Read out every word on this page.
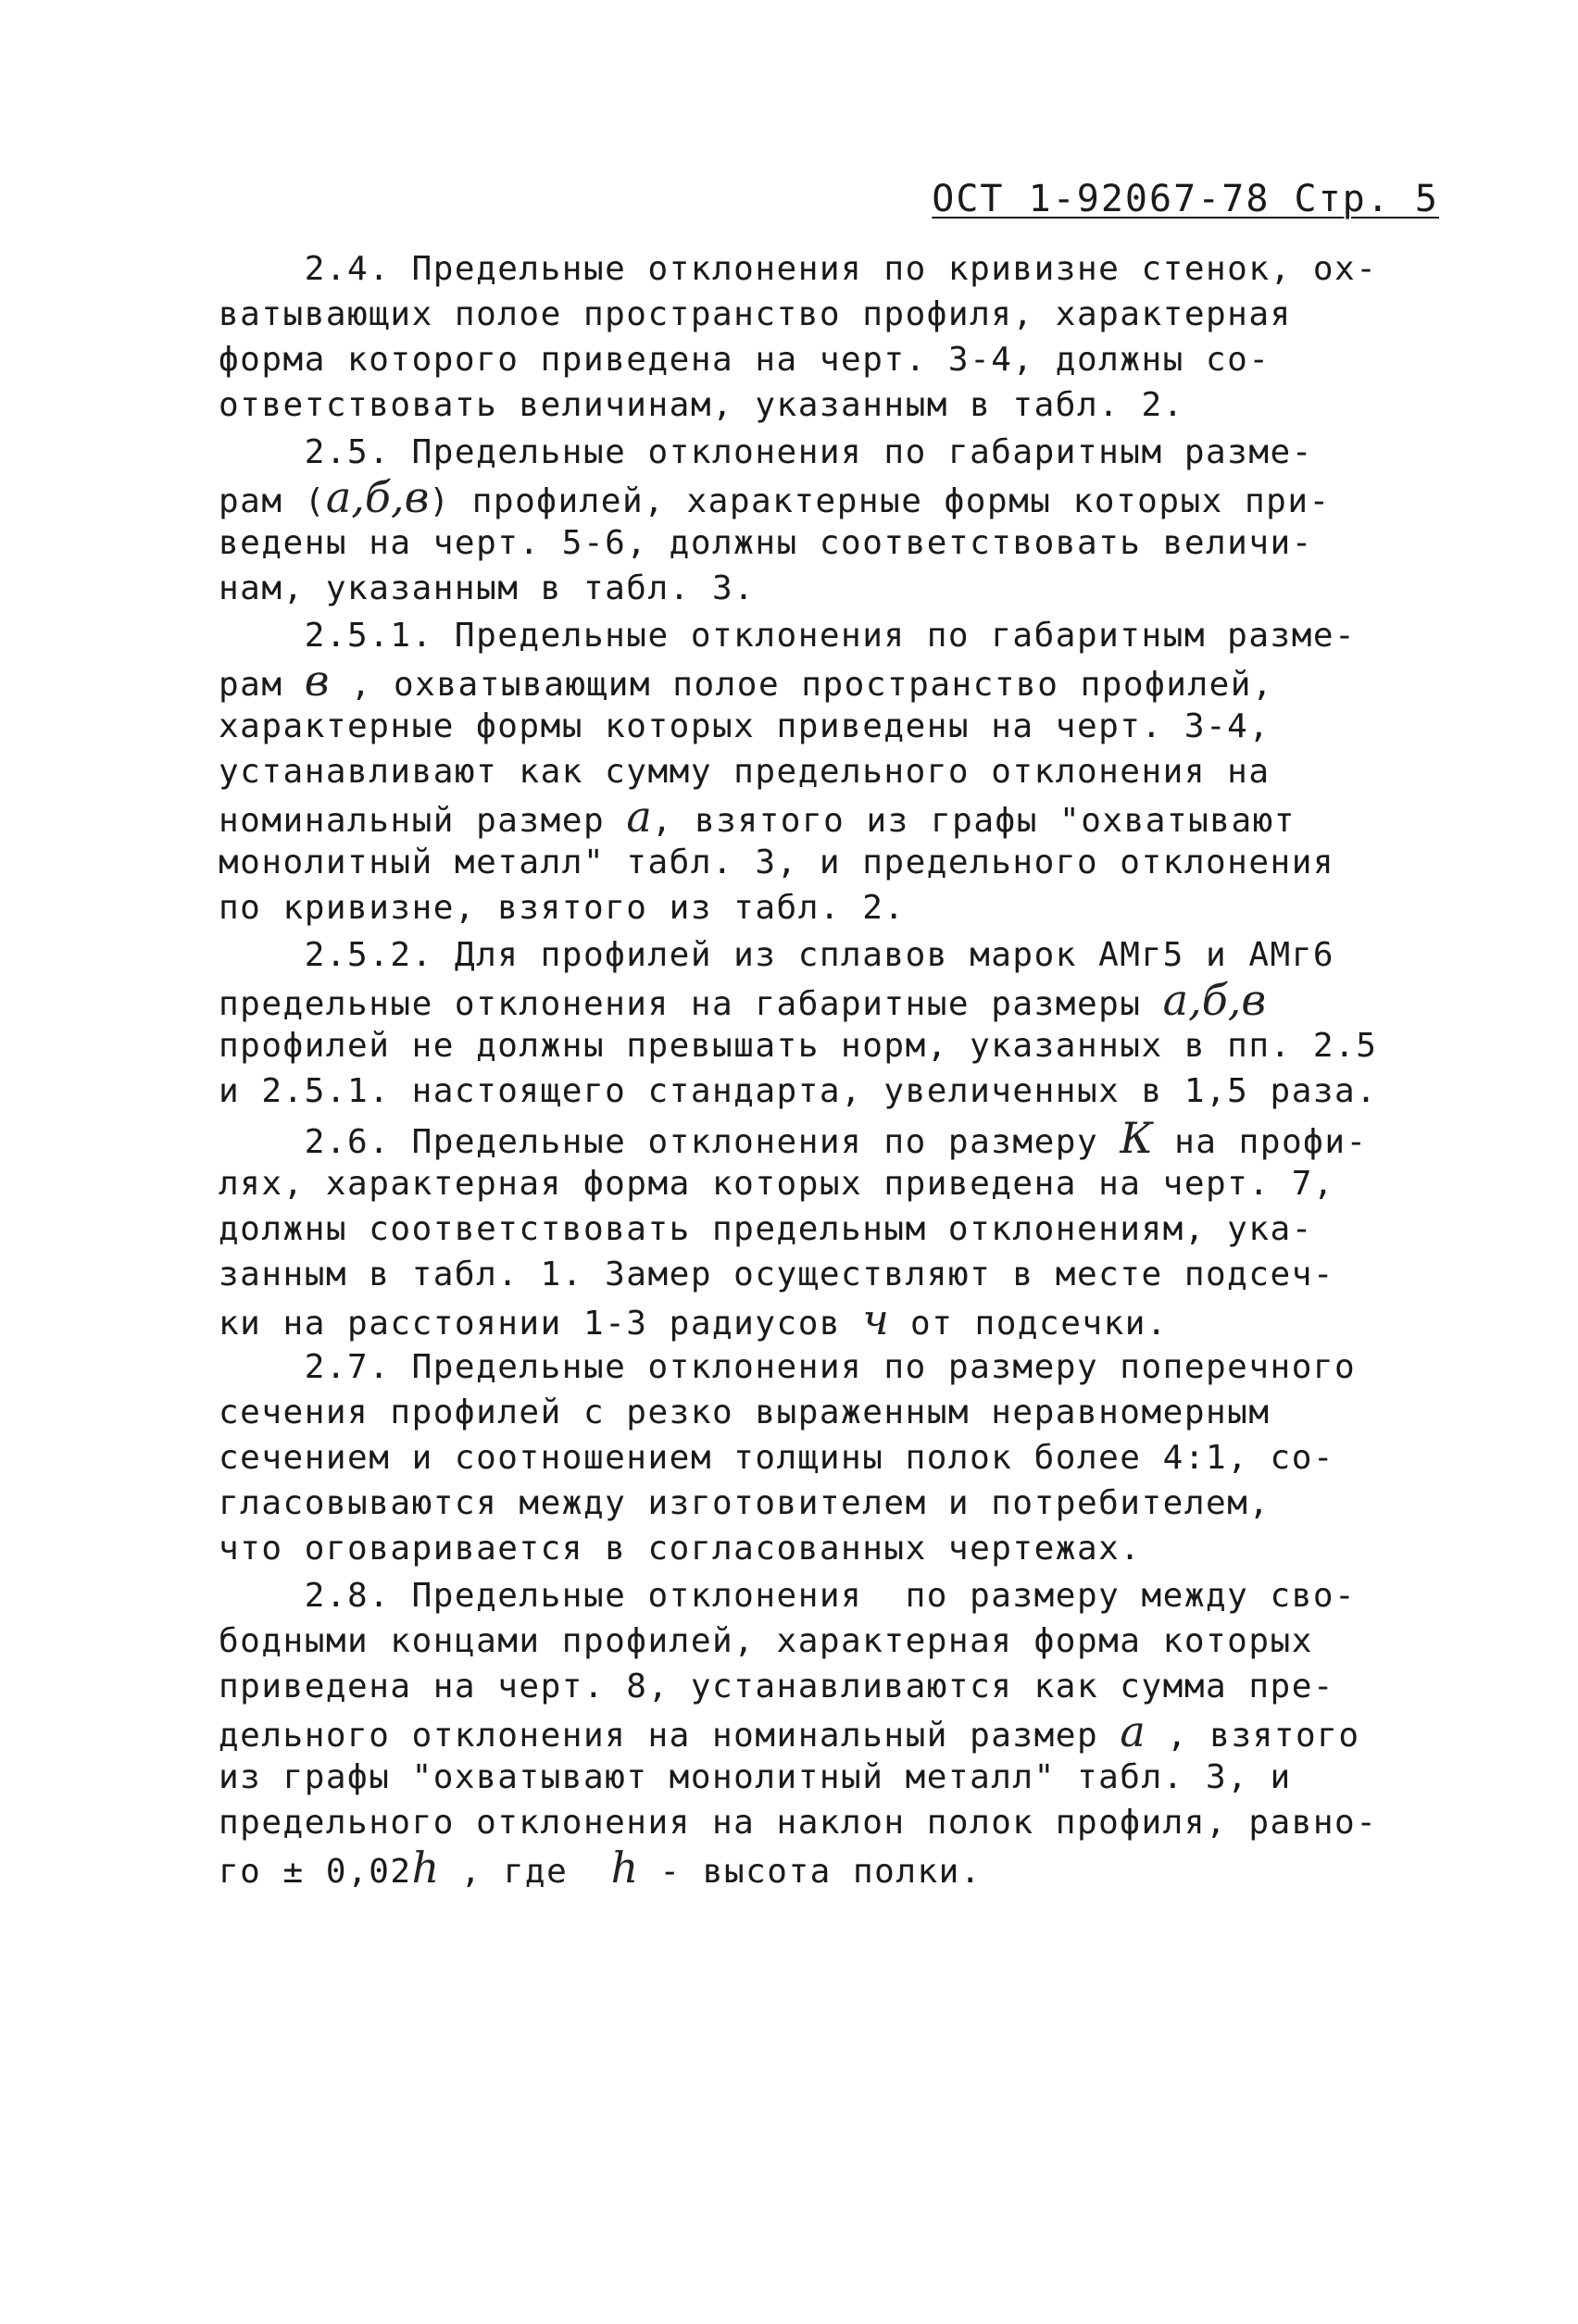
ОСТ 1-92067-78 Стр. 5
2.4. Предельные отклонения по кривизне стенок, ох-
ватывающих полое пространство профиля, характерная
форма которого приведена на черт. 3-4, должны со-
ответствовать величинам, указанным в табл. 2.
2.5. Предельные отклонения по габаритным разме-
рам (а,б,в) профилей, характерные формы которых при-
ведены на черт. 5-6, должны соответствовать величи-
нам, указанным в табл. 3.
2.5.1. Предельные отклонения по габаритным разме-
рам в , охватывающим полое пространство профилей,
характерные формы которых приведены на черт. 3-4,
устанавливают как сумму предельного отклонения на
номинальный размер а, взятого из графы "охватывают
монолитный металл" табл. 3, и предельного отклонения
по кривизне, взятого из табл. 2.
2.5.2. Для профилей из сплавов марок АМг5 и АМг6
предельные отклонения на габаритные размеры а,б,в
профилей не должны превышать норм, указанных в пп. 2.5
и 2.5.1. настоящего стандарта, увеличенных в 1,5 раза.
2.6. Предельные отклонения по размеру К на профи-
лях, характерная форма которых приведена на черт. 7,
должны соответствовать предельным отклонениям, ука-
занным в табл. 1. Замер осуществляют в месте подсеч-
ки на расстоянии 1-3 радиусов ч от подсечки.
2.7. Предельные отклонения по размеру поперечного
сечения профилей с резко выраженным неравномерным
сечением и соотношением толщины полок более 4:1, со-
гласовываются между изготовителем и потребителем,
что оговаривается в согласованных чертежах.
2.8. Предельные отклонения  по размеру между сво-
бодными концами профилей, характерная форма которых
приведена на черт. 8, устанавливаются как сумма пре-
дельного отклонения на номинальный размер а , взятого
из графы "охватывают монолитный металл" табл. 3, и
предельного отклонения на наклон полок профиля, равно-
го ± 0,02h , где  h - высота полки.
